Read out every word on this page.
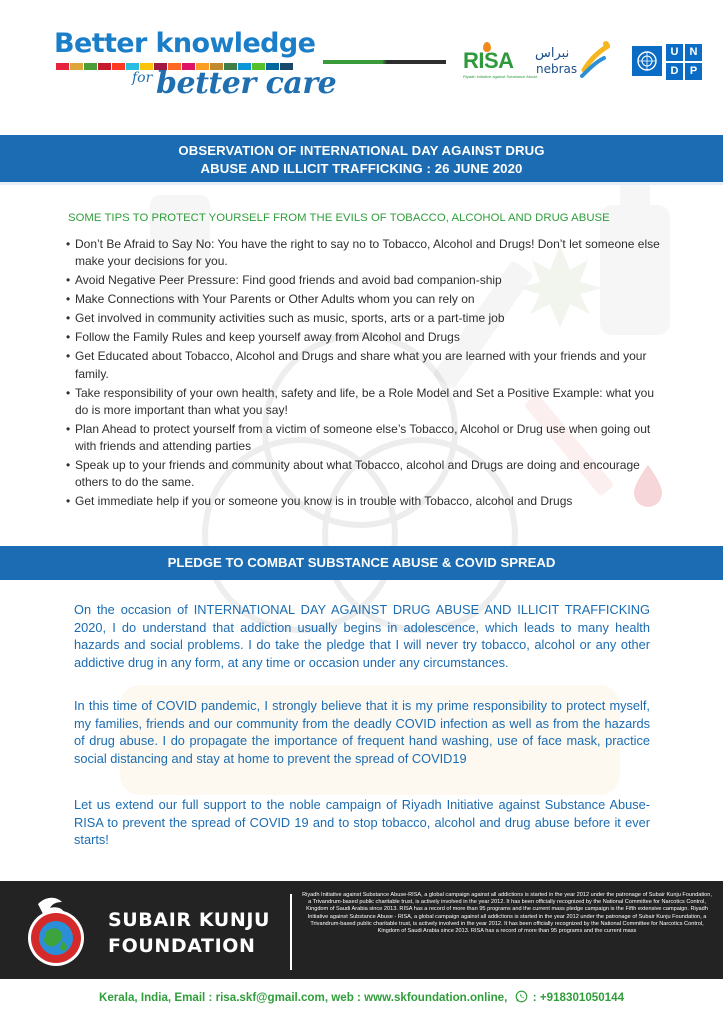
Better knowledge
for better care
RISA
Riyadh Initiative against Substance Abuse
نبراس
nebras
U	N
D	P
OBSERVATION OF INTERNATIONAL DAY AGAINST DRUG
ABUSE AND ILLICIT TRAFFICKING : 26 JUNE 2020
SOME TIPS TO PROTECT YOURSELF FROM THE EVILS OF TOBACCO, ALCOHOL AND DRUG ABUSE
• Don’t Be Afraid to Say No: You have the right to say no to Tobacco, Alcohol and Drugs! Don’t let someone else make your decisions for you.
• Avoid Negative Peer Pressure: Find good friends and avoid bad companion-ship
• Make Connections with Your Parents or Other Adults whom you can rely on
• Get involved in community activities such as music, sports, arts or a part-time job
• Follow the Family Rules and keep yourself away from Alcohol and Drugs
• Get Educated about Tobacco, Alcohol and Drugs and share what you are learned with your friends and your family.
• Take responsibility of your own health, safety and life, be a Role Model and Set a Positive Example: what you do is more important than what you say!
• Plan Ahead to protect yourself from a victim of someone else’s Tobacco, Alcohol or Drug use when going out with friends and attending parties
• Speak up to your friends and community about what Tobacco, alcohol and Drugs are doing and encourage others to do the same.
• Get immediate help if you or someone you know is in trouble with Tobacco, alcohol and Drugs
PLEDGE TO COMBAT SUBSTANCE ABUSE & COVID SPREAD

On the occasion of INTERNATIONAL DAY AGAINST DRUG ABUSE AND ILLICIT TRAFFICKING 2020, I do understand that addiction usually begins in adolescence, which leads to many health hazards and social problems. I do take the pledge that I will never try tobacco, alcohol or any other addictive drug in any form, at any time or occasion under any circumstances.

In this time of COVID pandemic, I strongly believe that it is my prime responsibility to protect myself, my families, friends and our community from the deadly COVID infection as well as from the hazards of drug abuse. I do propagate the importance of frequent hand washing, use of face mask, practice social distancing and stay at home to prevent the spread of COVID19

Let us extend our full support to the noble campaign of Riyadh Initiative against Substance Abuse-RISA to prevent the spread of COVID 19 and to stop tobacco, alcohol and drug abuse before it ever starts!

SUBAIR KUNJU
FOUNDATION
Riyadh Initiative against Substance Abuse-RISA, a global campaign against all addictions is started in the year 2012 under the patronage of Subair Kunju Foundation, a Trivandrum-based public charitable trust, is actively involved in the year 2012. It has been officially recognized by the National Committee for Narcotics Control, Kingdom of Saudi Arabia since 2013. RISA has a record of more than 95 programs and the current mass pledge campaign is the Fifth extensive campaign. Riyadh Initiative against Substance Abuse - RISA, a global campaign against all addictions is started in the year 2012 under the patronage of Subair Kunju Foundation, a Trivandrum-based public charitable trust, is actively involved in the year 2012. It has been officially recognized by the National Committee for Narcotics Control, Kingdom of Saudi Arabia since 2013. RISA has a record of more than 95 programs and the current mass
Kerala, India, Email : risa.skf@gmail.com, web : www.skfoundation.online, : +918301050144
